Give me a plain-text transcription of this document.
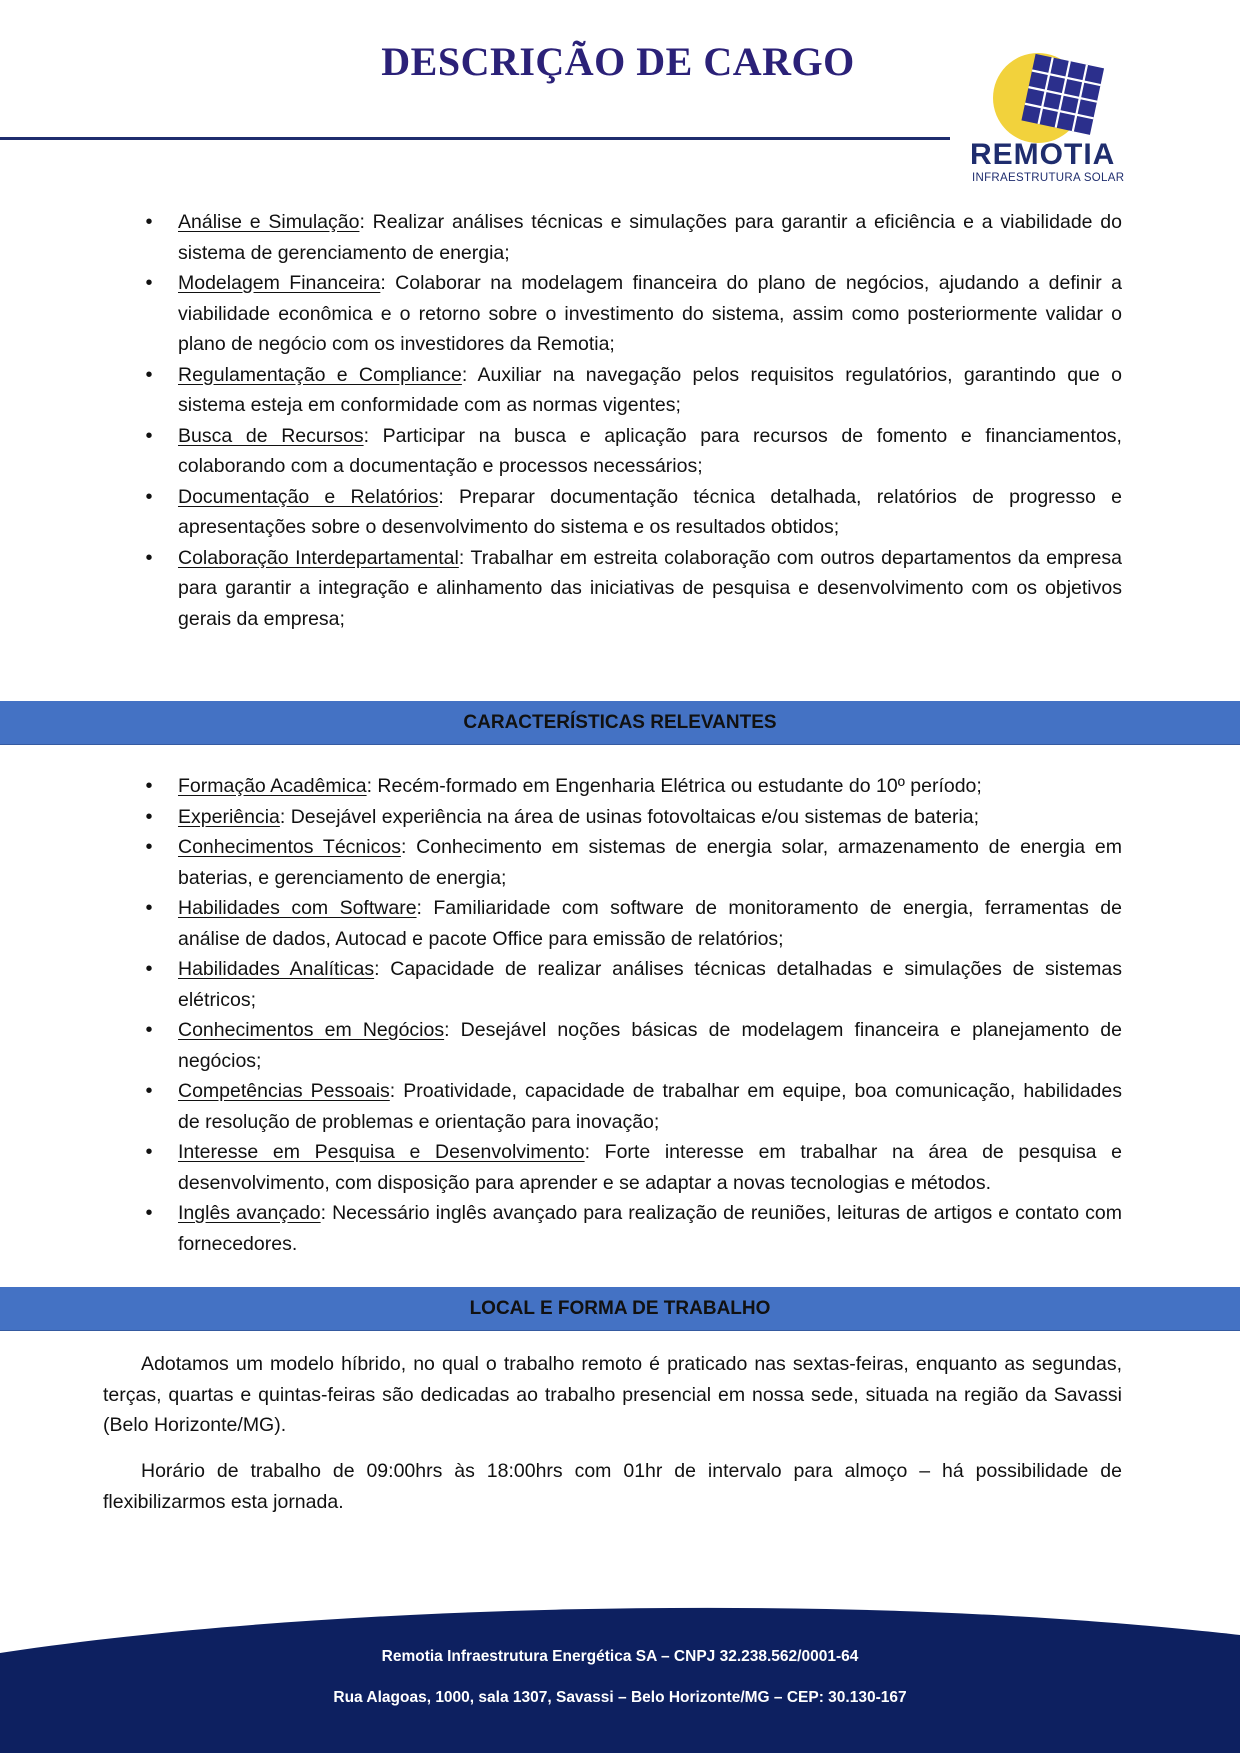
DESCRIÇÃO DE CARGO
REMOTIA
INFRAESTRUTURA SOLAR
• Análise e Simulação: Realizar análises técnicas e simulações para garantir a eficiência e a viabilidade do sistema de gerenciamento de energia;
• Modelagem Financeira: Colaborar na modelagem financeira do plano de negócios, ajudando a definir a viabilidade econômica e o retorno sobre o investimento do sistema, assim como posteriormente validar o plano de negócio com os investidores da Remotia;
• Regulamentação e Compliance: Auxiliar na navegação pelos requisitos regulatórios, garantindo que o sistema esteja em conformidade com as normas vigentes;
• Busca de Recursos: Participar na busca e aplicação para recursos de fomento e financiamentos, colaborando com a documentação e processos necessários;
• Documentação e Relatórios: Preparar documentação técnica detalhada, relatórios de progresso e apresentações sobre o desenvolvimento do sistema e os resultados obtidos;
• Colaboração Interdepartamental: Trabalhar em estreita colaboração com outros departamentos da empresa para garantir a integração e alinhamento das iniciativas de pesquisa e desenvolvimento com os objetivos gerais da empresa;
CARACTERÍSTICAS RELEVANTES
• Formação Acadêmica: Recém-formado em Engenharia Elétrica ou estudante do 10º período;
• Experiência: Desejável experiência na área de usinas fotovoltaicas e/ou sistemas de bateria;
• Conhecimentos Técnicos: Conhecimento em sistemas de energia solar, armazenamento de energia em baterias, e gerenciamento de energia;
• Habilidades com Software: Familiaridade com software de monitoramento de energia, ferramentas de análise de dados, Autocad e pacote Office para emissão de relatórios;
• Habilidades Analíticas: Capacidade de realizar análises técnicas detalhadas e simulações de sistemas elétricos;
• Conhecimentos em Negócios: Desejável noções básicas de modelagem financeira e planejamento de negócios;
• Competências Pessoais: Proatividade, capacidade de trabalhar em equipe, boa comunicação, habilidades de resolução de problemas e orientação para inovação;
• Interesse em Pesquisa e Desenvolvimento: Forte interesse em trabalhar na área de pesquisa e desenvolvimento, com disposição para aprender e se adaptar a novas tecnologias e métodos.
• Inglês avançado: Necessário inglês avançado para realização de reuniões, leituras de artigos e contato com fornecedores.
LOCAL E FORMA DE TRABALHO

Adotamos um modelo híbrido, no qual o trabalho remoto é praticado nas sextas-feiras, enquanto as segundas, terças, quartas e quintas-feiras são dedicadas ao trabalho presencial em nossa sede, situada na região da Savassi (Belo Horizonte/MG).

Horário de trabalho de 09:00hrs às 18:00hrs com 01hr de intervalo para almoço – há possibilidade de flexibilizarmos esta jornada.

Remotia Infraestrutura Energética SA – CNPJ 32.238.562/0001-64
Rua Alagoas, 1000, sala 1307, Savassi – Belo Horizonte/MG – CEP: 30.130-167
